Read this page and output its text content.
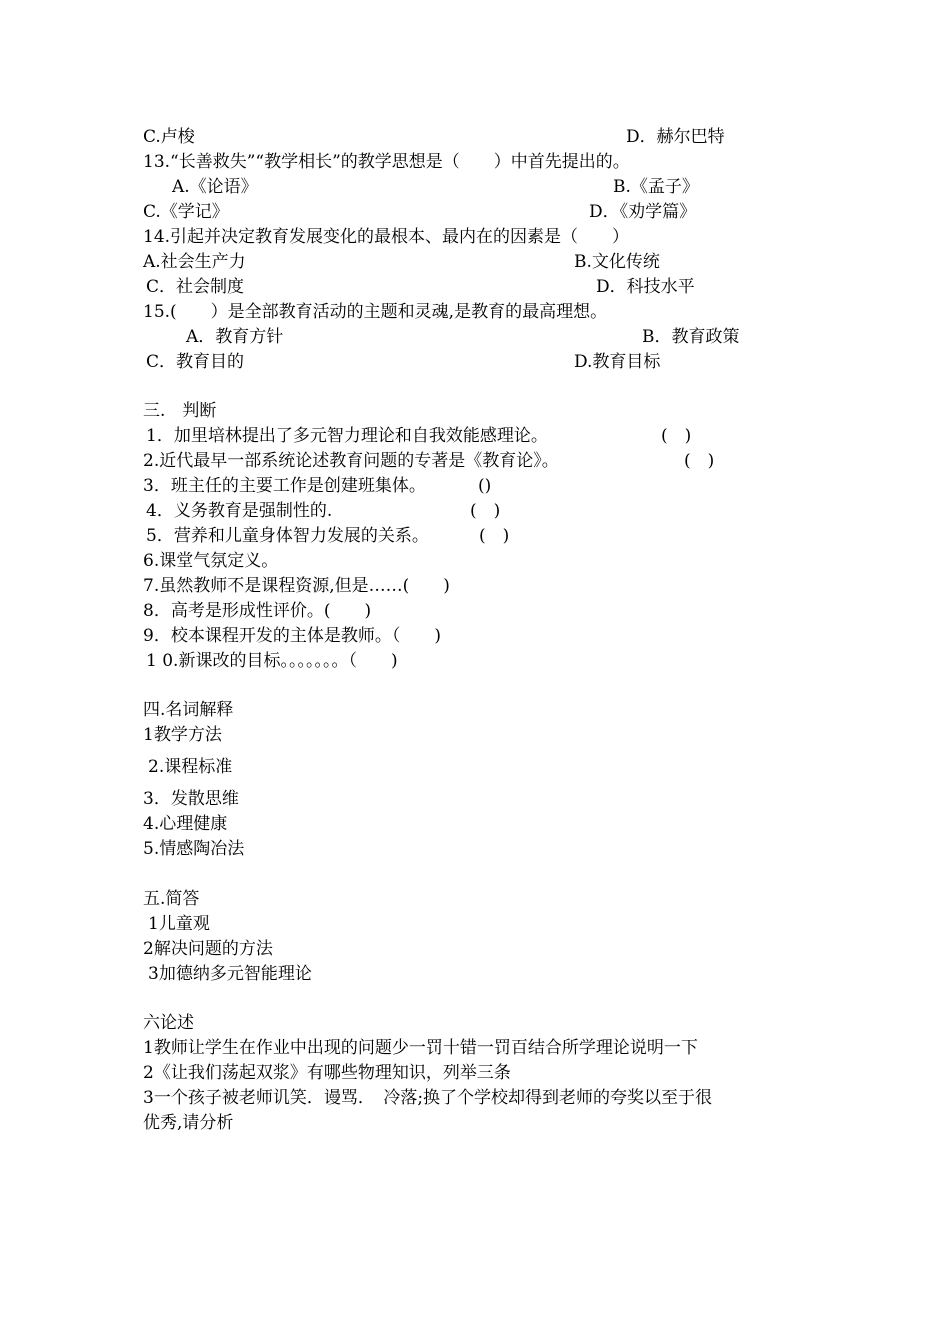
C.卢梭	D．赫尔巴特
13.“长善救失”“教学相长”的教学思想是（　　）中首先提出的。
A.《论语》	B.《孟子》
C.《学记》	D．《劝学篇》
14.引起并决定教育发展变化的最根本、最内在的因素是（　　）
A.社会生产力	B.文化传统
C．社会制度	D．科技水平
15.(　　）是全部教育活动的主题和灵魂,是教育的最高理想。
A．教育方针	B．教育政策
C．教育目的	D.教育目标
三.　判断
1．加里培林提出了多元智力理论和自我效能感理论。	(　)
2.近代最早一部系统论述教育问题的专著是《教育论》。	(　)
3．班主任的主要工作是创建班集体。	()
4．义务教育是强制性的.	(　)
5．营养和儿童身体智力发展的关系。	(　)
6.课堂气氛定义。
7.虽然教师不是课程资源,但是……(　　)
8．高考是形成性评价。(　　)
9．校本课程开发的主体是教师。（　　)
1 0.新课改的目标。。。。。。。（　　)
四.名词解释
1教学方法
2.课程标准
3．发散思维
4.心理健康
5.情感陶冶法
五.简答
1儿童观
2解决问题的方法
3加德纳多元智能理论
六论述
1教师让学生在作业中出现的问题少一罚十错一罚百结合所学理论说明一下
2《让我们荡起双浆》有哪些物理知识，列举三条
3一个孩子被老师讥笑．谩骂．　冷落;换了个学校却得到老师的夸奖以至于很
优秀,请分析
